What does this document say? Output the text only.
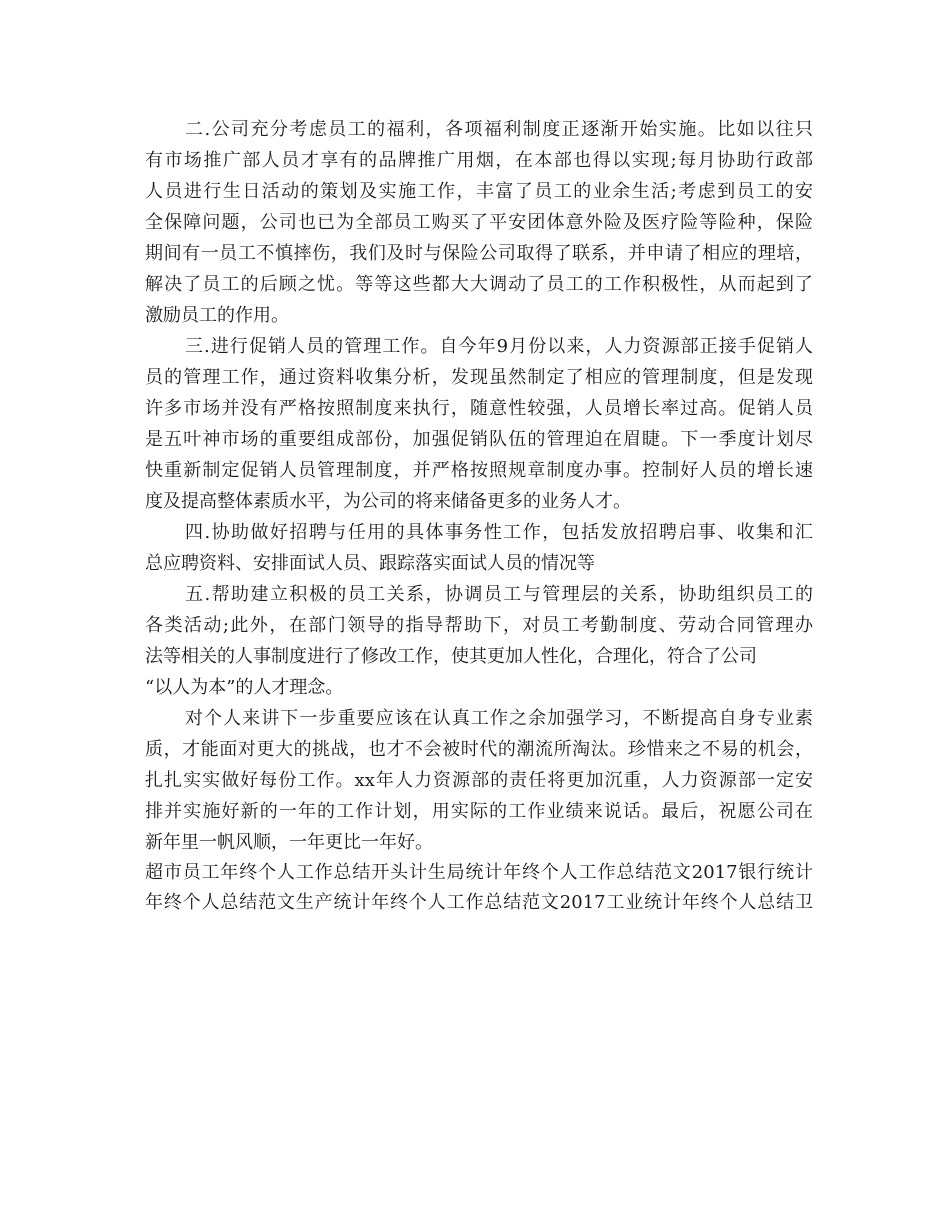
二.公司充分考虑员工的福利，各项福利制度正逐渐开始实施。比如以往只
有市场推广部人员才享有的品牌推广用烟，在本部也得以实现;每月协助行政部
人员进行生日活动的策划及实施工作，丰富了员工的业余生活;考虑到员工的安
全保障问题，公司也已为全部员工购买了平安团体意外险及医疗险等险种，保险
期间有一员工不慎摔伤，我们及时与保险公司取得了联系，并申请了相应的理培，
解决了员工的后顾之忧。等等这些都大大调动了员工的工作积极性，从而起到了
激励员工的作用。
三.进行促销人员的管理工作。自今年9月份以来，人力资源部正接手促销人
员的管理工作，通过资料收集分析，发现虽然制定了相应的管理制度，但是发现
许多市场并没有严格按照制度来执行，随意性较强，人员增长率过高。促销人员
是五叶神市场的重要组成部份，加强促销队伍的管理迫在眉睫。下一季度计划尽
快重新制定促销人员管理制度，并严格按照规章制度办事。控制好人员的增长速
度及提高整体素质水平，为公司的将来储备更多的业务人才。
四.协助做好招聘与任用的具体事务性工作，包括发放招聘启事、收集和汇
总应聘资料、安排面试人员、跟踪落实面试人员的情况等
五.帮助建立积极的员工关系，协调员工与管理层的关系，协助组织员工的
各类活动;此外，在部门领导的指导帮助下，对员工考勤制度、劳动合同管理办
法等相关的人事制度进行了修改工作，使其更加人性化，合理化，符合了公司
“以人为本”的人才理念。
对个人来讲下一步重要应该在认真工作之余加强学习，不断提高自身专业素
质，才能面对更大的挑战，也才不会被时代的潮流所淘汰。珍惜来之不易的机会，
扎扎实实做好每份工作。xx年人力资源部的责任将更加沉重，人力资源部一定安
排并实施好新的一年的工作计划，用实际的工作业绩来说话。最后，祝愿公司在
新年里一帆风顺，一年更比一年好。
超市员工年终个人工作总结开头计生局统计年终个人工作总结范文2017银行统计
年终个人总结范文生产统计年终个人工作总结范文2017工业统计年终个人总结卫
